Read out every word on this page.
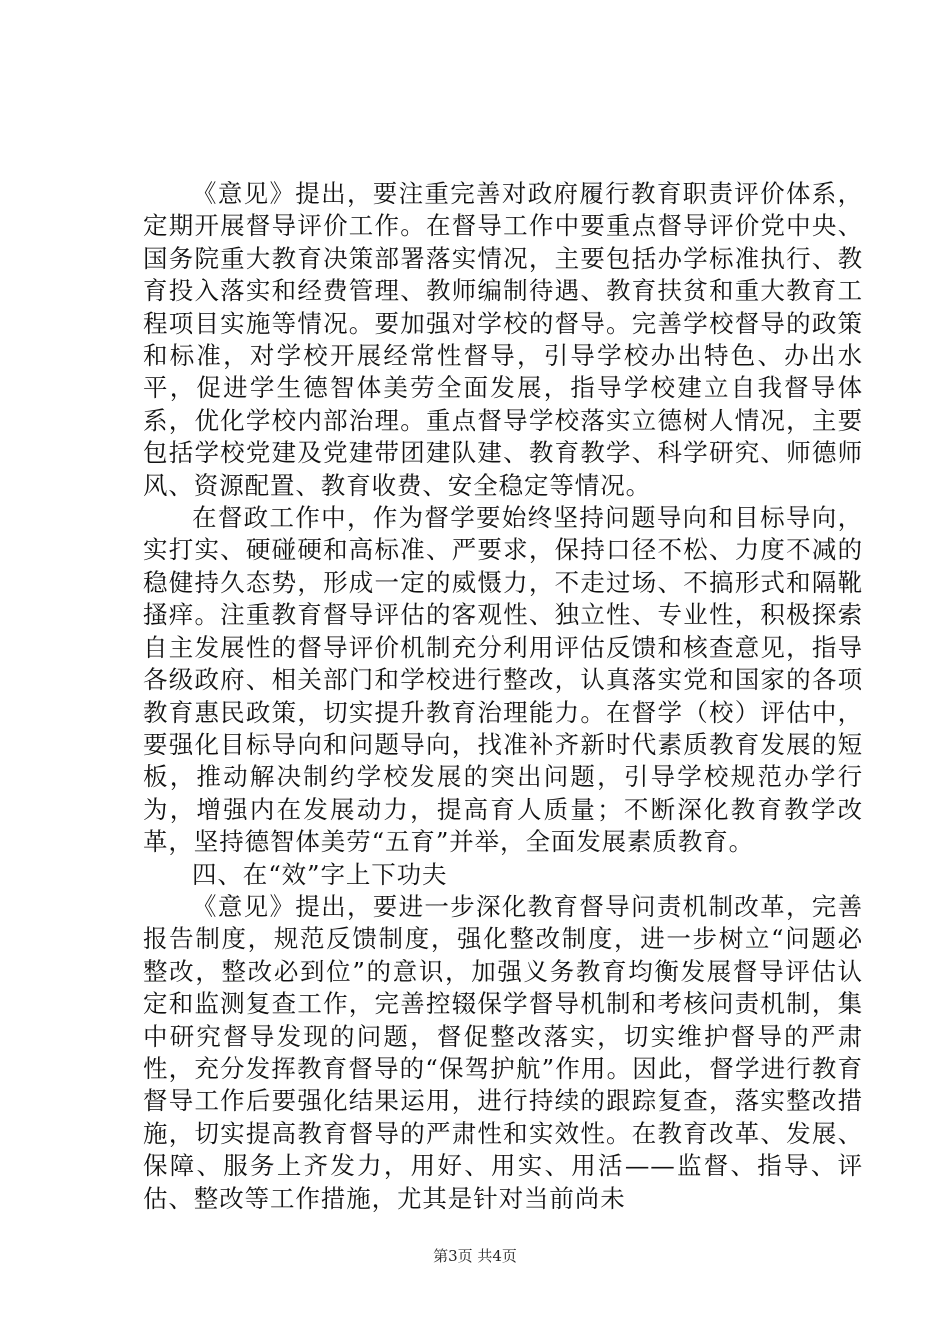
《意见》提出，要注重完善对政府履行教育职责评价体系，定期开展督导评价工作。在督导工作中要重点督导评价党中央、国务院重大教育决策部署落实情况，主要包括办学标准执行、教育投入落实和经费管理、教师编制待遇、教育扶贫和重大教育工程项目实施等情况。要加强对学校的督导。完善学校督导的政策和标准，对学校开展经常性督导，引导学校办出特色、办出水平，促进学生德智体美劳全面发展，指导学校建立自我督导体系，优化学校内部治理。重点督导学校落实立德树人情况，主要包括学校党建及党建带团建队建、教育教学、科学研究、师德师风、资源配置、教育收费、安全稳定等情况。

在督政工作中，作为督学要始终坚持问题导向和目标导向，实打实、硬碰硬和高标准、严要求，保持口径不松、力度不减的稳健持久态势，形成一定的威慑力，不走过场、不搞形式和隔靴搔痒。注重教育督导评估的客观性、独立性、专业性，积极探索自主发展性的督导评价机制充分利用评估反馈和核查意见，指导各级政府、相关部门和学校进行整改，认真落实党和国家的各项教育惠民政策，切实提升教育治理能力。在督学（校）评估中，要强化目标导向和问题导向，找准补齐新时代素质教育发展的短板，推动解决制约学校发展的突出问题，引导学校规范办学行为，增强内在发展动力，提高育人质量；不断深化教育教学改革，坚持德智体美劳“五育”并举，全面发展素质教育。

四、在“效”字上下功夫

《意见》提出，要进一步深化教育督导问责机制改革，完善报告制度，规范反馈制度，强化整改制度，进一步树立“问题必整改，整改必到位”的意识，加强义务教育均衡发展督导评估认定和监测复查工作，完善控辍保学督导机制和考核问责机制，集中研究督导发现的问题，督促整改落实，切实维护督导的严肃性，充分发挥教育督导的“保驾护航”作用。因此，督学进行教育督导工作后要强化结果运用，进行持续的跟踪复查，落实整改措施，切实提高教育督导的严肃性和实效性。在教育改革、发展、保障、服务上齐发力，用好、用实、用活——监督、指导、评估、整改等工作措施，尤其是针对当前尚未

第3页 共4页
